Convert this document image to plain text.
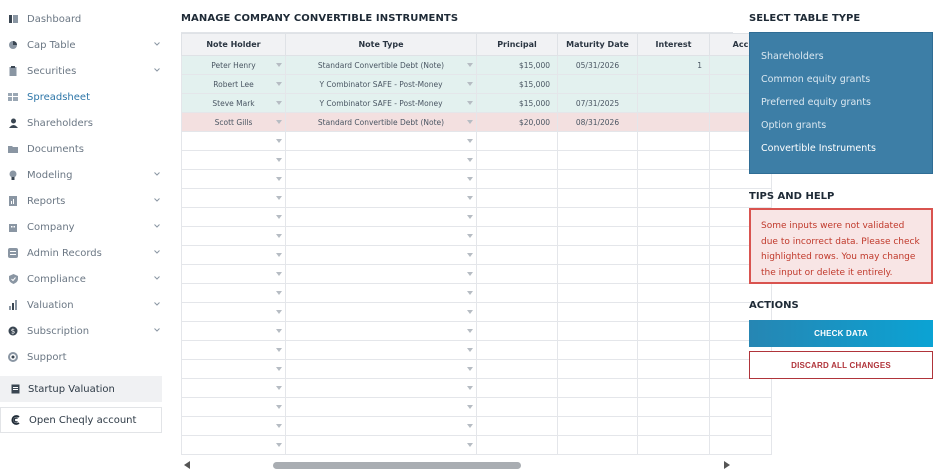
Dashboard
Cap Table
Securities
Spreadsheet
Shareholders
Documents
Modeling
Reports
Company
Admin Records
Compliance
Valuation
$ Subscription
Support
Startup Valuation
Open Cheqly account
MANAGE COMPANY CONVERTIBLE INSTRUMENTS
Note Holder	Note Type	Principal	Maturity Date	Interest	Acc
Peter Henry	Standard Convertible Debt (Note)	$15,000	05/31/2026	1	
Robert Lee	Y Combinator SAFE - Post-Money	$15,000			
Steve Mark	Y Combinator SAFE - Post-Money	$15,000	07/31/2025		
Scott Gills	Standard Convertible Debt (Note)	$20,000	08/31/2026		

SELECT TABLE TYPE
Shareholders
Common equity grants
Preferred equity grants
Option grants
Convertible Instruments
TIPS AND HELP
Some inputs were not validated due to incorrect data. Please check highlighted rows. You may change the input or delete it entirely.
ACTIONS
CHECK DATA
DISCARD ALL CHANGES
